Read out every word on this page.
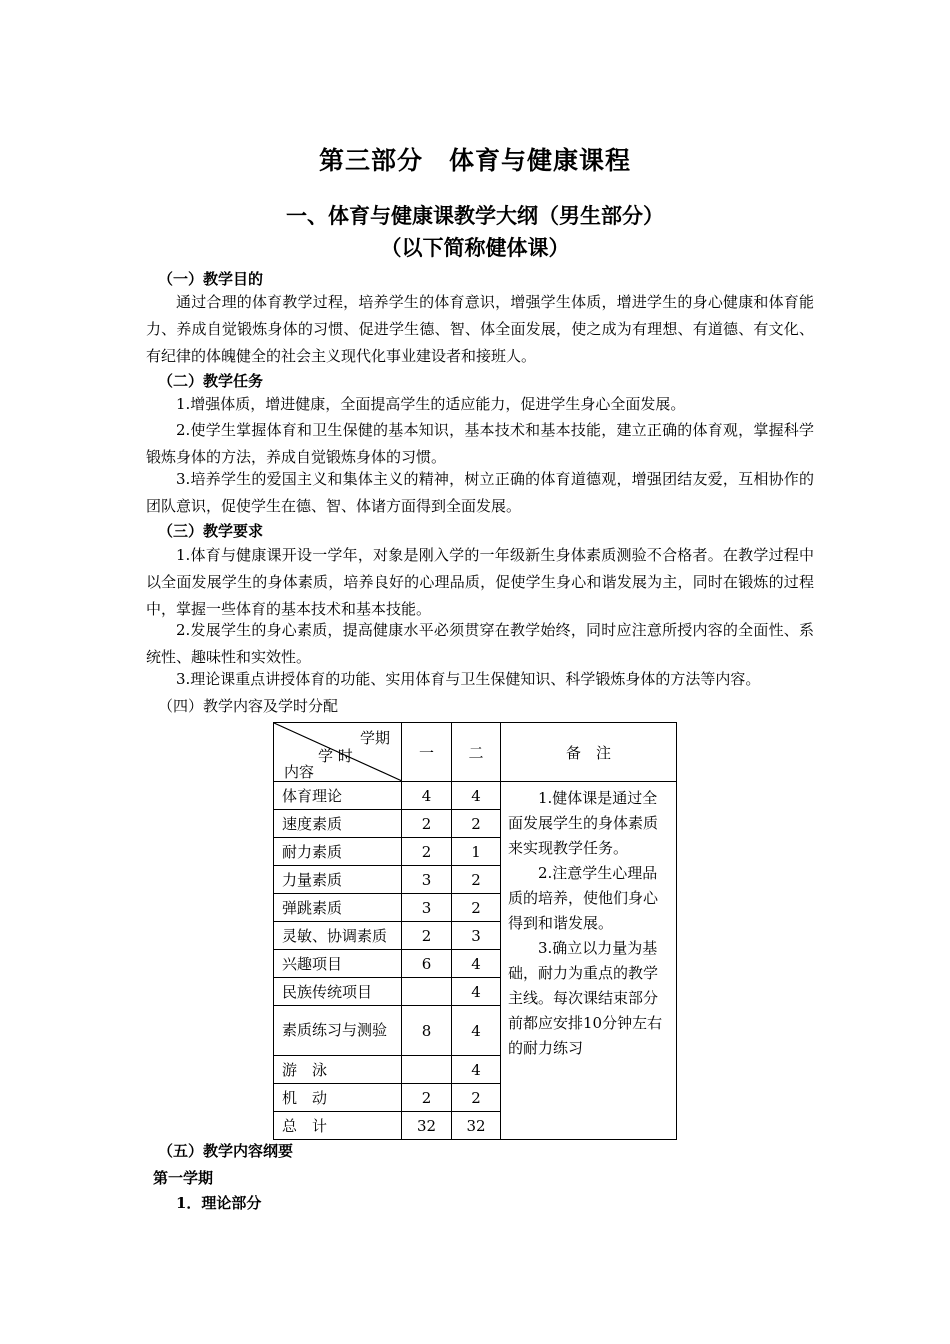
第三部分　体育与健康课程
一、体育与健康课教学大纲（男生部分）
（以下简称健体课）
（一）教学目的
通过合理的体育教学过程，培养学生的体育意识，增强学生体质，增进学生的身心健康和体育能力、养成自觉锻炼身体的习惯、促进学生德、智、体全面发展，使之成为有理想、有道德、有文化、有纪律的体魄健全的社会主义现代化事业建设者和接班人。
（二）教学任务
1.增强体质，增进健康，全面提高学生的适应能力，促进学生身心全面发展。
2.使学生掌握体育和卫生保健的基本知识，基本技术和基本技能，建立正确的体育观，掌握科学锻炼身体的方法，养成自觉锻炼身体的习惯。
3.培养学生的爱国主义和集体主义的精神，树立正确的体育道德观，增强团结友爱，互相协作的团队意识，促使学生在德、智、体诸方面得到全面发展。
（三）教学要求
1.体育与健康课开设一学年，对象是刚入学的一年级新生身体素质测验不合格者。在教学过程中以全面发展学生的身体素质，培养良好的心理品质，促使学生身心和谐发展为主，同时在锻炼的过程中，掌握一些体育的基本技术和基本技能。
2.发展学生的身心素质，提高健康水平必须贯穿在教学始终，同时应注意所授内容的全面性、系统性、趣味性和实效性。
3.理论课重点讲授体育的功能、实用体育与卫生保健知识、科学锻炼身体的方法等内容。
（四）教学内容及学时分配
学期
学 时
内容	一	二	备　注
体育理论	4	4	1.健体课是通过全面发展学生的身体素质来实现教学任务。

2.注意学生心理品质的培养，使他们身心得到和谐发展。

3.确立以力量为基础，耐力为重点的教学主线。每次课结束部分前都应安排10分钟左右的耐力练习

速度素质	2	2	
耐力素质	2	1	
力量素质	3	2	
弹跳素质	3	2	
灵敏、协调素质	2	3	
兴趣项目	6	4	
民族传统项目		4	
素质练习与测验	8	4	
游　泳		4	
机　动	2	2	
总　计	32	32	
（五）教学内容纲要
第一学期
1．理论部分
